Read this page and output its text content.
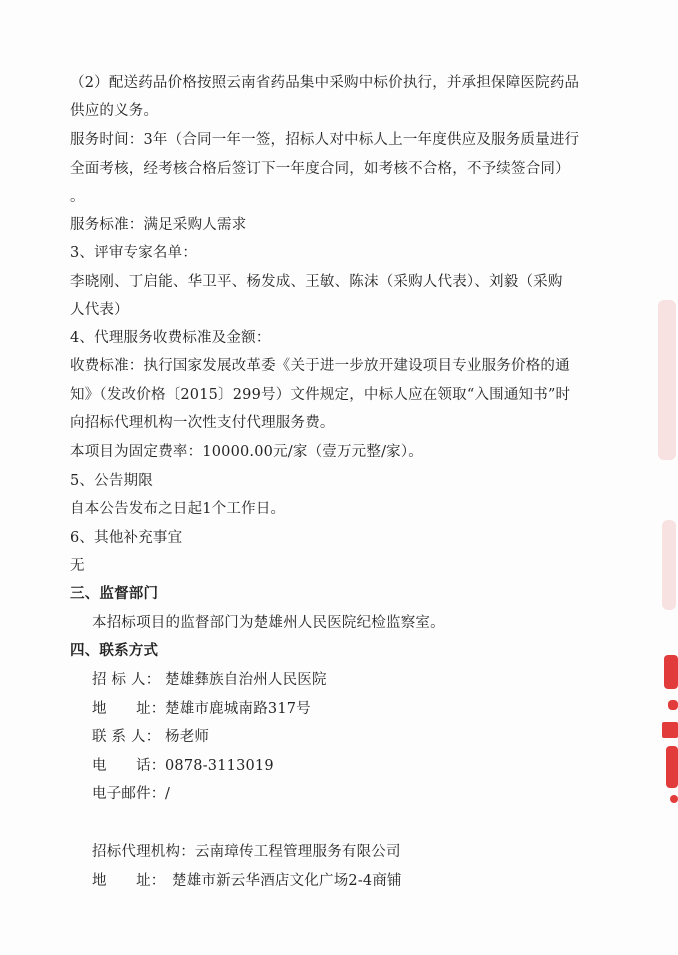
（2）配送药品价格按照云南省药品集中采购中标价执行，并承担保障医院药品
供应的义务。
服务时间：3年（合同一年一签，招标人对中标人上一年度供应及服务质量进行
全面考核，经考核合格后签订下一年度合同，如考核不合格，不予续签合同）
。
服务标准：满足采购人需求
3、评审专家名单：
李晓刚、丁启能、华卫平、杨发成、王敏、陈沫（采购人代表）、刘毅（采购
人代表）
4、代理服务收费标准及金额：
收费标准：执行国家发展改革委《关于进一步放开建设项目专业服务价格的通
知》（发改价格〔2015〕299号）文件规定，中标人应在领取“入围通知书”时
向招标代理机构一次性支付代理服务费。
本项目为固定费率：10000.00元/家（壹万元整/家）。
5、公告期限
自本公告发布之日起1个工作日。
6、其他补充事宜
无
三、监督部门
本招标项目的监督部门为楚雄州人民医院纪检监察室。
四、联系方式
招 标 人： 楚雄彝族自治州人民医院
地　　址：楚雄市鹿城南路317号
联 系 人： 杨老师
电　　话：0878-3113019
电子邮件：/
招标代理机构：云南璋传工程管理服务有限公司
地　　址： 楚雄市新云华酒店文化广场2-4商铺
